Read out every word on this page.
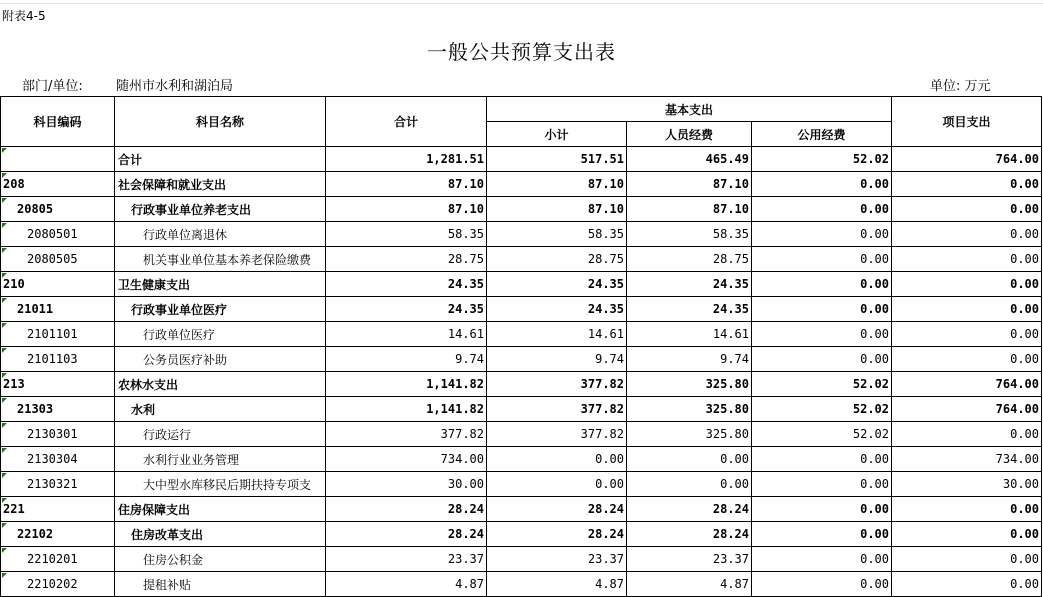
附表4-5
一般公共预算支出表
部门/单位:	随州市水利和湖泊局	单位: 万元
科目编码	科目名称	合计	基本支出			项目支出
			小计	人员经费	公用经费	
	合计	1,281.51	517.51	465.49	52.02	764.00
208	社会保障和就业支出	87.10	87.10	87.10	0.00	0.00
20805	行政事业单位养老支出	87.10	87.10	87.10	0.00	0.00
2080501	行政单位离退休	58.35	58.35	58.35	0.00	0.00
2080505	机关事业单位基本养老保险缴费	28.75	28.75	28.75	0.00	0.00
210	卫生健康支出	24.35	24.35	24.35	0.00	0.00
21011	行政事业单位医疗	24.35	24.35	24.35	0.00	0.00
2101101	行政单位医疗	14.61	14.61	14.61	0.00	0.00
2101103	公务员医疗补助	9.74	9.74	9.74	0.00	0.00
213	农林水支出	1,141.82	377.82	325.80	52.02	764.00
21303	水利	1,141.82	377.82	325.80	52.02	764.00
2130301	行政运行	377.82	377.82	325.80	52.02	0.00
2130304	水利行业业务管理	734.00	0.00	0.00	0.00	734.00
2130321	大中型水库移民后期扶持专项支	30.00	0.00	0.00	0.00	30.00
221	住房保障支出	28.24	28.24	28.24	0.00	0.00
22102	住房改革支出	28.24	28.24	28.24	0.00	0.00
2210201	住房公积金	23.37	23.37	23.37	0.00	0.00
2210202	提租补贴	4.87	4.87	4.87	0.00	0.00
